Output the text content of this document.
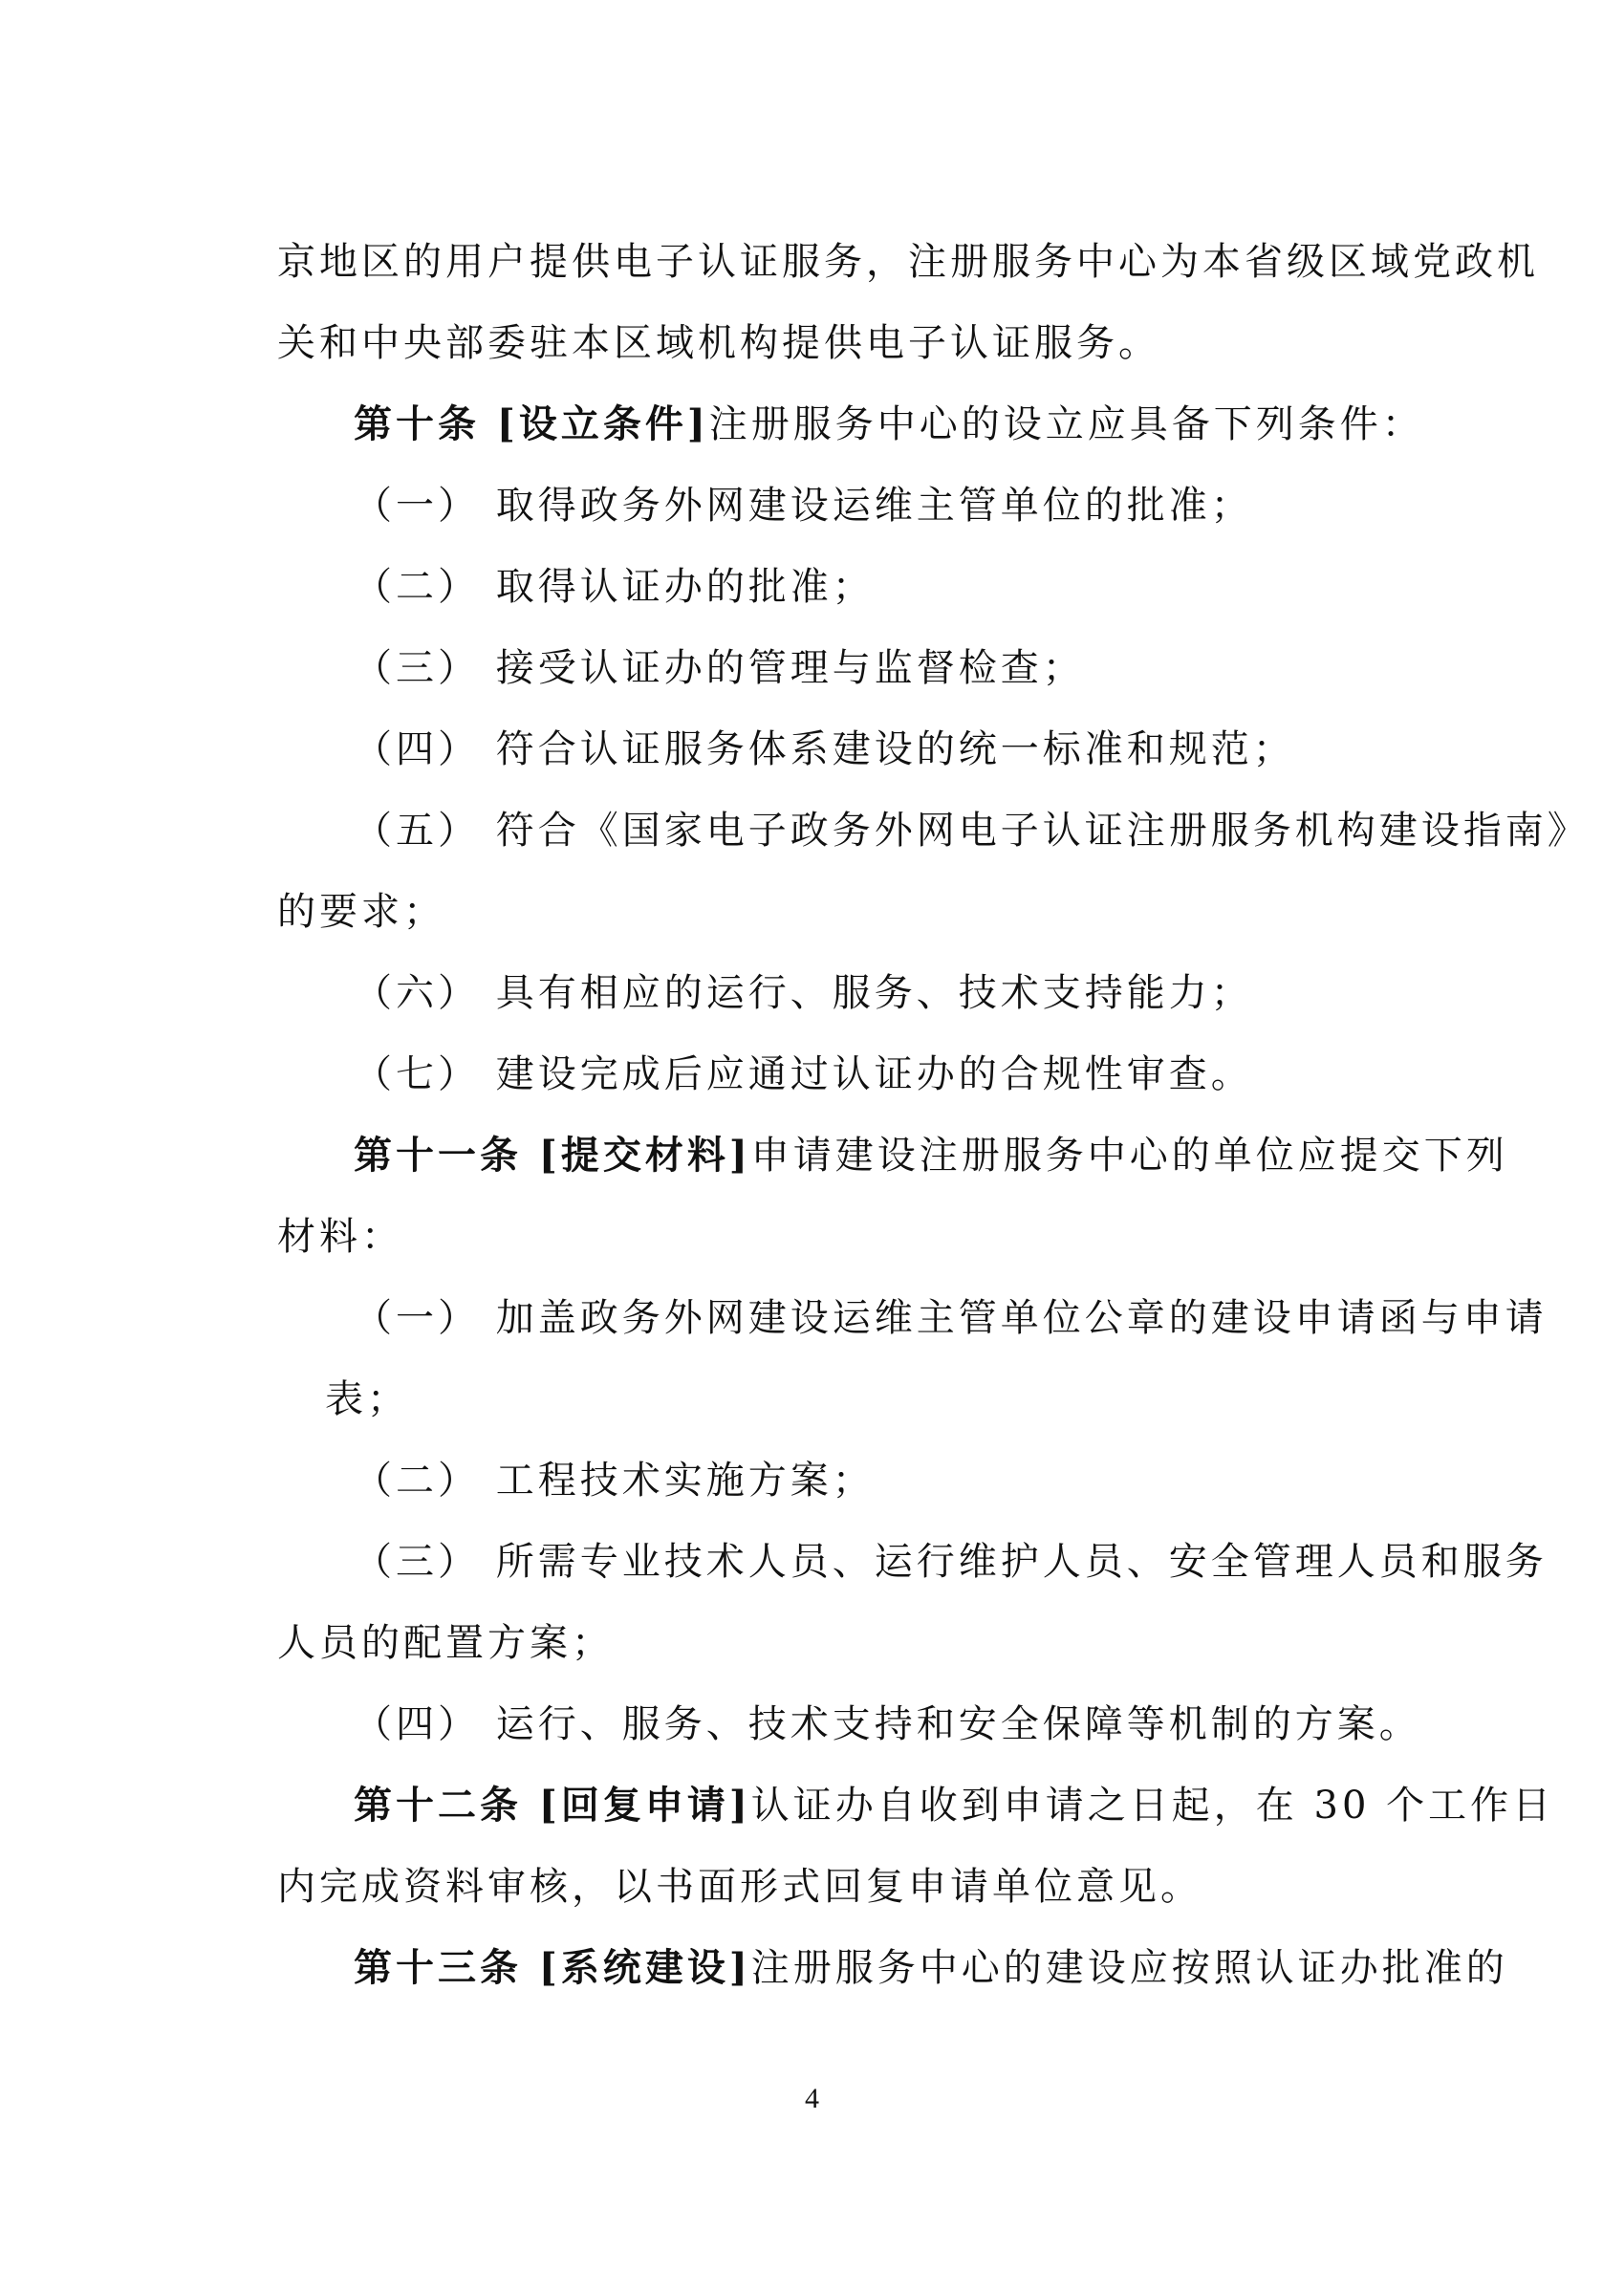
京地区的用户提供电子认证服务，注册服务中心为本省级区域党政机
关和中央部委驻本区域机构提供电子认证服务。
第十条 [设立条件]注册服务中心的设立应具备下列条件：
（一） 取得政务外网建设运维主管单位的批准；
（二） 取得认证办的批准；
（三） 接受认证办的管理与监督检查；
（四） 符合认证服务体系建设的统一标准和规范；
（五） 符合《国家电子政务外网电子认证注册服务机构建设指南》
的要求；
（六） 具有相应的运行、服务、技术支持能力；
（七） 建设完成后应通过认证办的合规性审查。
第十一条 [提交材料]申请建设注册服务中心的单位应提交下列
材料：
（一） 加盖政务外网建设运维主管单位公章的建设申请函与申请
表；
（二） 工程技术实施方案；
（三） 所需专业技术人员、运行维护人员、安全管理人员和服务
人员的配置方案；
（四） 运行、服务、技术支持和安全保障等机制的方案。
第十二条 [回复申请]认证办自收到申请之日起，在 30 个工作日
内完成资料审核，以书面形式回复申请单位意见。
第十三条 [系统建设]注册服务中心的建设应按照认证办批准的
4
